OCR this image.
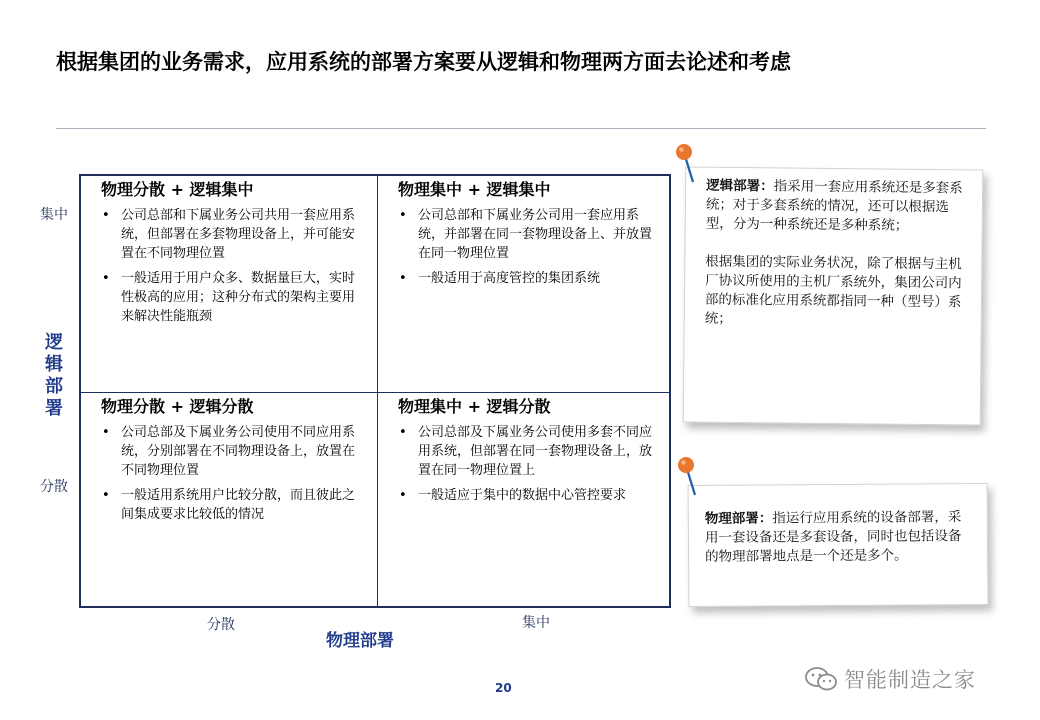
根据集团的业务需求，应用系统的部署方案要从逻辑和物理两方面去论述和考虑
集中
分散
逻辑部署
物理分散 + 逻辑集中
• 公司总部和下属业务公司共用一套应用系统，但部署在多套物理设备上，并可能安置在不同物理位置
• 一般适用于用户众多、数据量巨大，实时性极高的应用；这种分布式的架构主要用来解决性能瓶颈
物理集中 + 逻辑集中
• 公司总部和下属业务公司用一套应用系统，并部署在同一套物理设备上、并放置在同一物理位置
• 一般适用于高度管控的集团系统
物理分散 + 逻辑分散
• 公司总部及下属业务公司使用不同应用系统，分别部署在不同物理设备上，放置在不同物理位置
• 一般适用系统用户比较分散，而且彼此之间集成要求比较低的情况
物理集中 + 逻辑分散
• 公司总部及下属业务公司使用多套不同应用系统，但部署在同一套物理设备上，放置在同一物理位置上
• 一般适应于集中的数据中心管控要求
分散	集中
物理部署

逻辑部署：指采用一套应用系统还是多套系统；对于多套系统的情况，还可以根据选型，分为一种系统还是多种系统；

根据集团的实际业务状况，除了根据与主机厂协议所使用的主机厂系统外，集团公司内部的标准化应用系统都指同一种（型号）系统；

物理部署：指运行应用系统的设备部署，采用一套设备还是多套设备，同时也包括设备的物理部署地点是一个还是多个。

20	智能制造之家
